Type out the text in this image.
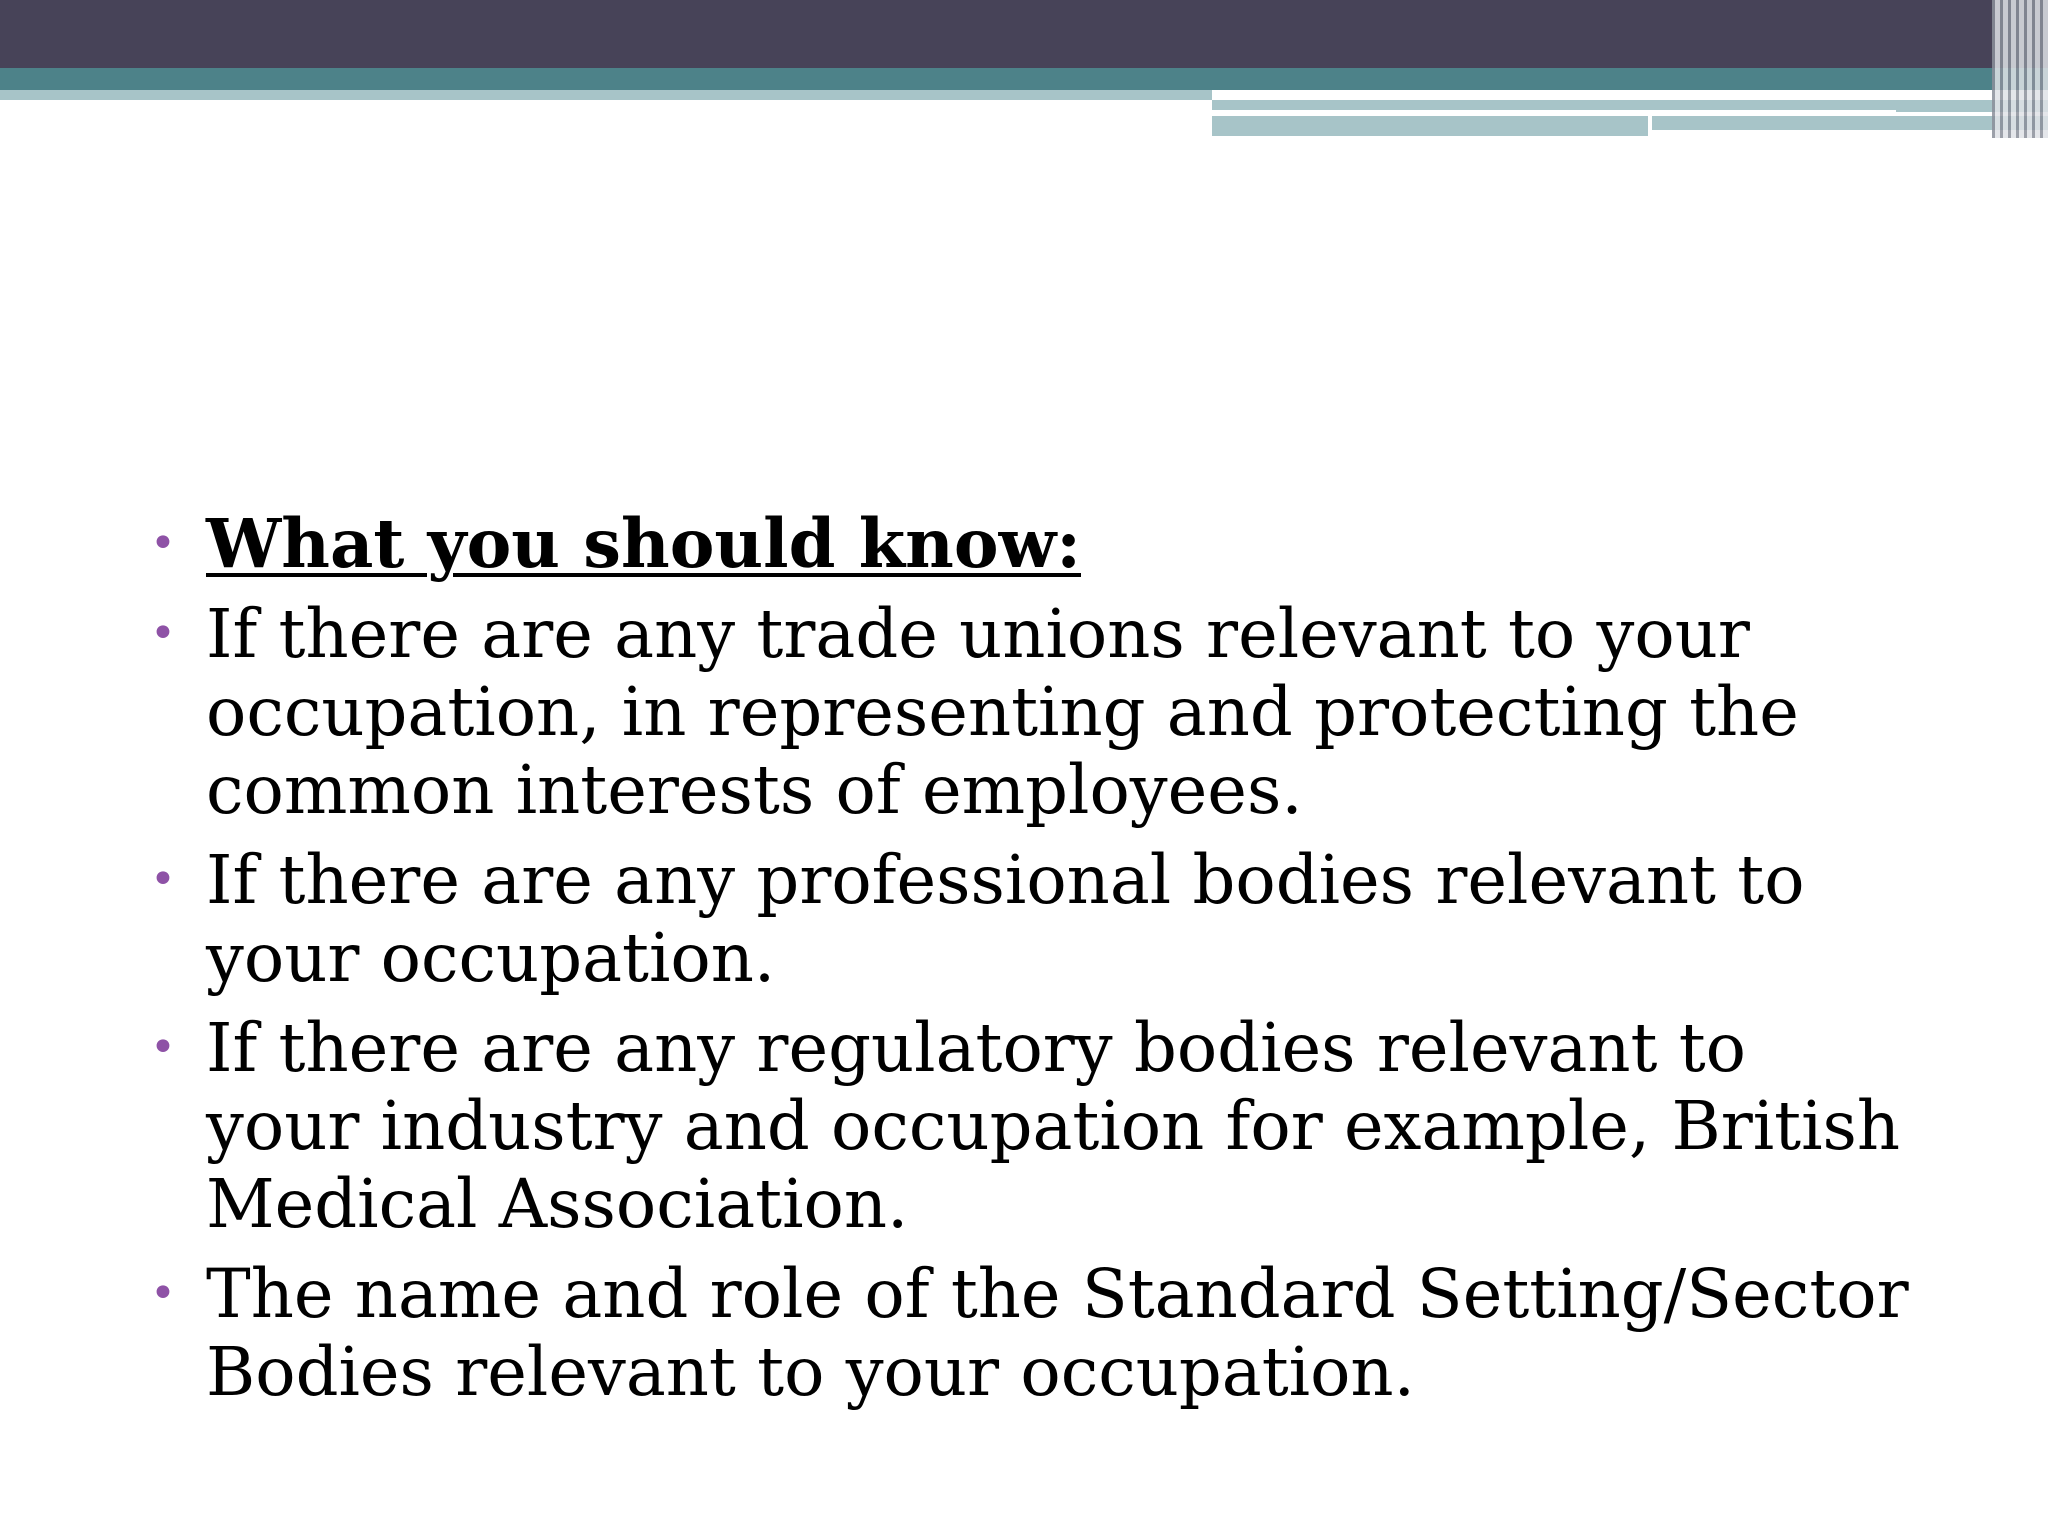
• What you should know:
• If there are any trade unions relevant to your occupation, in representing and protecting the common interests of employees.
• If there are any professional bodies relevant to your occupation.
• If there are any regulatory bodies relevant to your industry and occupation for example, British Medical Association.
• The name and role of the Standard Setting/Sector Bodies relevant to your occupation.
